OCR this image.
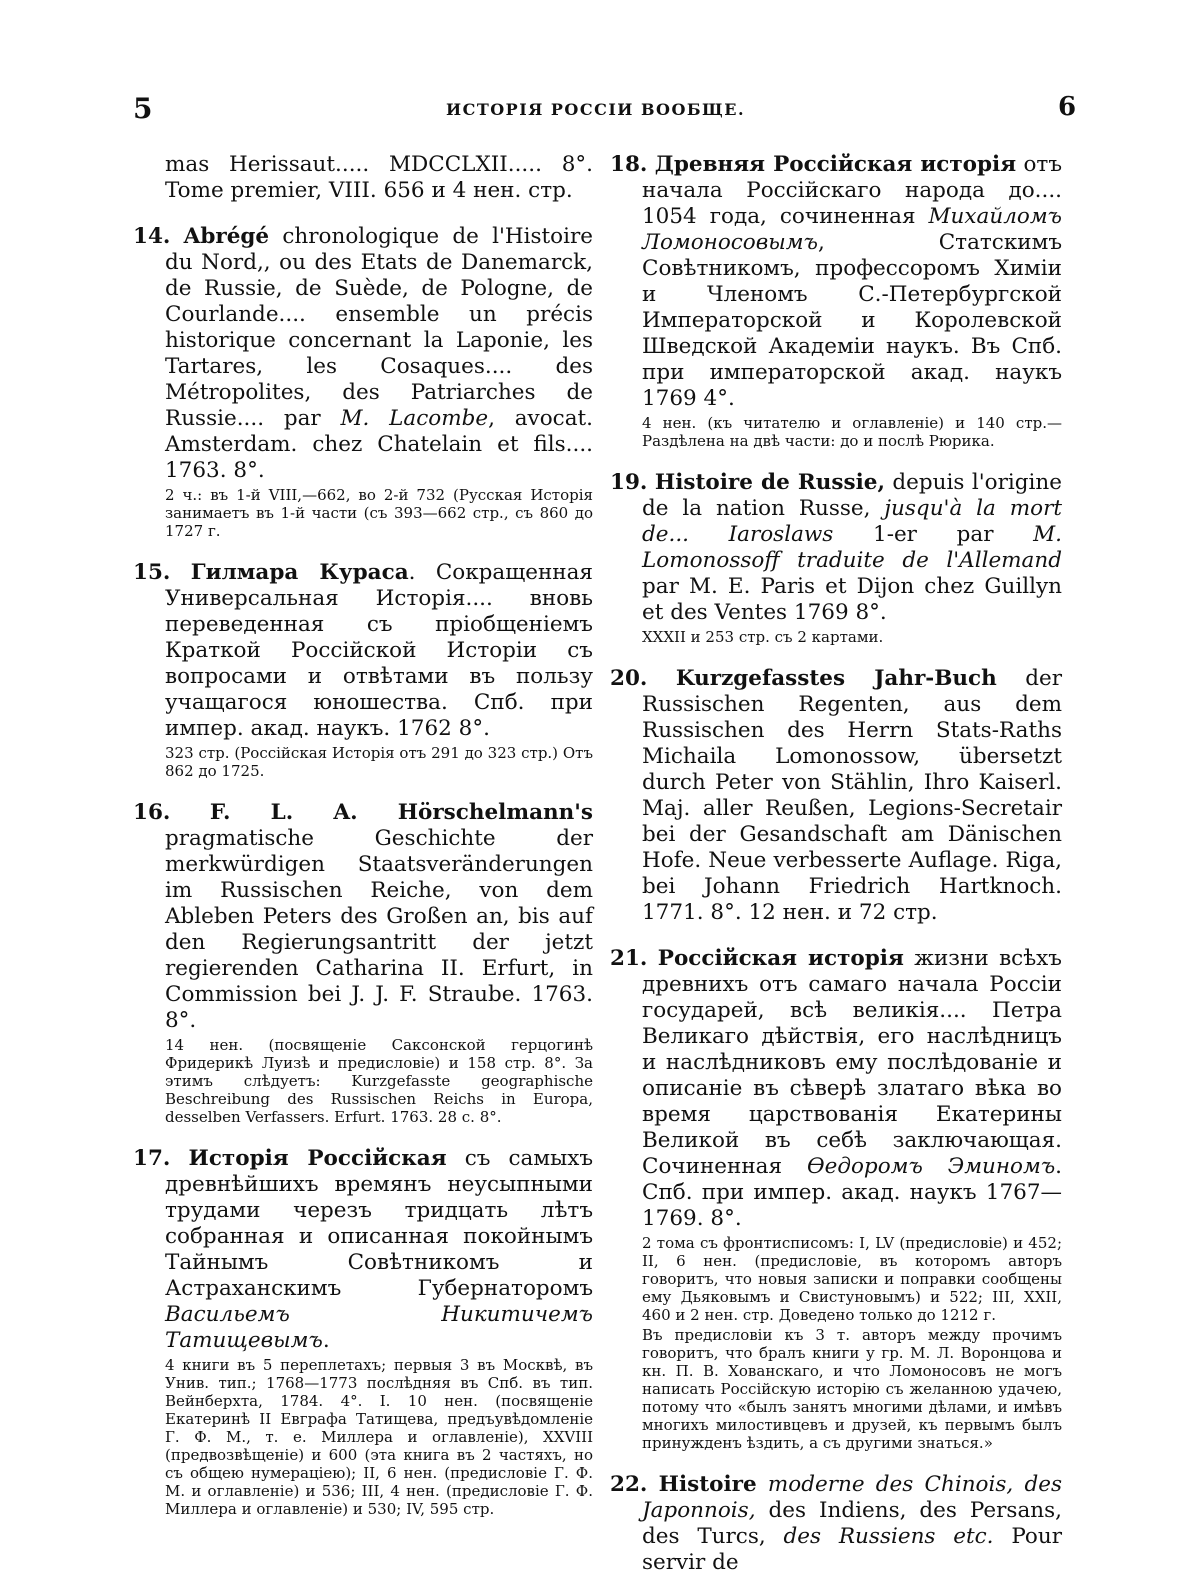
5	ИСТОРІЯ РОССІИ ВООБЩЕ.	6
mas Herissaut..... MDCCLXII..... 8°. Tome premier, VIII. 656 и 4 нен. стр.
14. Abrégé chronologique de l'Histoire du Nord,, ou des Etats de Danemarck, de Russie, de Suède, de Pologne, de Courlande.... ensemble un précis historique concernant la Laponie, les Tartares, les Cosaques.... des Métropolites, des Patriarches de Russie.... par M. Lacombe, avocat. Amsterdam. chez Chatelain et fils.... 1763. 8°.
2 ч.: въ 1-й VIII,—662, во 2-й 732 (Русская Исторія занимаетъ въ 1-й части (съ 393—662 стр., съ 860 до 1727 г.
15. Гилмара Кураса. Сокращенная Универсальная Исторія.... вновь переведенная съ пріобщеніемъ Краткой Россійской Исторіи съ вопросами и отвѣтами въ пользу учащагося юношества. Спб. при импер. акад. наукъ. 1762 8°.
323 стр. (Россійская Исторія отъ 291 до 323 стр.) Отъ 862 до 1725.
16. F. L. A. Hörschelmann's pragmatische Geschichte der merkwürdigen Staatsveränderungen im Russischen Reiche, von dem Ableben Peters des Großen an, bis auf den Regierungsantritt der jetzt regierenden Catharina II. Erfurt, in Commission bei J. J. F. Straube. 1763. 8°.
14 нен. (посвященіе Саксонской герцогинѣ Фридерикѣ Луизѣ и предисловіе) и 158 стр. 8°. За этимъ слѣдуетъ: Kurzgefasste geographische Beschreibung des Russischen Reichs in Europa, desselben Verfassers. Erfurt. 1763. 28 с. 8°.
17. Исторія Россійская съ самыхъ древнѣйшихъ времянъ неусыпными трудами черезъ тридцать лѣтъ собранная и описанная покойнымъ Тайнымъ Совѣтникомъ и Астраханскимъ Губернаторомъ Васильемъ Никитичемъ Татищевымъ.
4 книги въ 5 переплетахъ; первыя 3 въ Москвѣ, въ Унив. тип.; 1768—1773 послѣдняя въ Спб. въ тип. Вейнберхта, 1784. 4°. I. 10 нен. (посвященіе Екатеринѣ II Евграфа Татищева, предъувѣдомленіе Г. Ф. М., т. е. Миллера и оглавленіе), XXVIII (предвозвѣщеніе) и 600 (эта книга въ 2 частяхъ, но съ общею нумераціею); II, 6 нен. (предисловіе Г. Ф. М. и оглавленіе) и 536; III, 4 нен. (предисловіе Г. Ф. Миллера и оглавленіе) и 530; IV, 595 стр.
18. Древняя Россійская исторія отъ начала Россійскаго народа до.... 1054 года, сочиненная Михайломъ Ломоносовымъ, Статскимъ Совѣтникомъ, профессоромъ Химіи и Членомъ С.-Петербургской Императорской и Королевской Шведской Академіи наукъ. Въ Спб. при императорской акад. наукъ 1769 4°.
4 нен. (къ читателю и оглавленіе) и 140 стр.— Раздѣлена на двѣ части: до и послѣ Рюрика.
19. Histoire de Russie, depuis l'origine de la nation Russe, jusqu'à la mort de... Iaroslaws 1-er par M. Lomonossoff traduite de l'Allemand par M. E. Paris et Dijon chez Guillyn et des Ventes 1769 8°.
XXXII и 253 стр. съ 2 картами.
20. Kurzgefasstes Jahr-Buch der Russischen Regenten, aus dem Russischen des Herrn Stats-Raths Michaila Lomonossow, übersetzt durch Peter von Stählin, Ihro Kaiserl. Maj. aller Reußen, Legions-Secretair bei der Gesandschaft am Dänischen Hofe. Neue verbesserte Auflage. Riga, bei Johann Friedrich Hartknoch. 1771. 8°. 12 нен. и 72 стр.
21. Россійская исторія жизни всѣхъ древнихъ отъ самаго начала Россіи государей, всѣ великія.... Петра Великаго дѣйствія, его наслѣдницъ и наслѣдниковъ ему послѣдованіе и описаніе въ сѣверѣ златаго вѣка во время царствованія Екатерины Великой въ себѣ заключающая. Сочиненная Ѳедоромъ Эминомъ. Спб. при импер. акад. наукъ 1767—1769. 8°.
2 тома съ фронтисписомъ: I, LV (предисловіе) и 452; II, 6 нен. (предисловіе, въ которомъ авторъ говоритъ, что новыя записки и поправки сообщены ему Дьяковымъ и Свистуновымъ) и 522; III, XXII, 460 и 2 нен. стр. Доведено только до 1212 г.
Въ предисловіи къ 3 т. авторъ между прочимъ говоритъ, что бралъ книги у гр. М. Л. Воронцова и кн. П. В. Хованскаго, и что Ломоносовъ не могъ написать Россійскую исторію съ желанною удачею, потому что «былъ занятъ многими дѣлами, и имѣвъ многихъ милостивцевъ и друзей, къ первымъ былъ принужденъ ѣздить, а съ другими знаться.»
22. Histoire moderne des Chinois, des Japonnois, des Indiens, des Persans, des Turcs, des Russiens etc. Pour servir de
